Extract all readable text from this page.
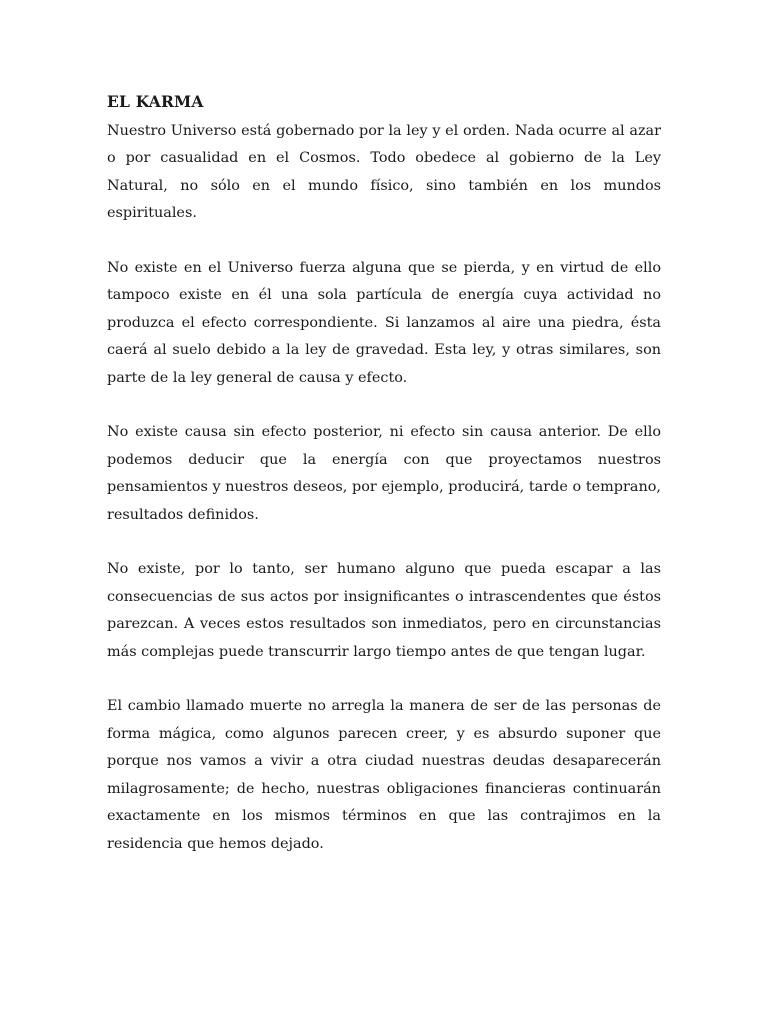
EL KARMA

Nuestro Universo está gobernado por la ley y el orden. Nada ocurre al azar o por casualidad en el Cosmos. Todo obedece al gobierno de la Ley Natural, no sólo en el mundo físico, sino también en los mundos espirituales.

No existe en el Universo fuerza alguna que se pierda, y en virtud de ello tampoco existe en él una sola partícula de energía cuya actividad no produzca el efecto correspondiente. Si lanzamos al aire una piedra, ésta caerá al suelo debido a la ley de gravedad. Esta ley, y otras similares, son parte de la ley general de causa y efecto.

No existe causa sin efecto posterior, ni efecto sin causa anterior. De ello podemos deducir que la energía con que proyectamos nuestros pensamientos y nuestros deseos, por ejemplo, producirá, tarde o temprano, resultados definidos.

No existe, por lo tanto, ser humano alguno que pueda escapar a las consecuencias de sus actos por insignificantes o intrascendentes que éstos parezcan. A veces estos resultados son inmediatos, pero en circunstancias más complejas puede transcurrir largo tiempo antes de que tengan lugar.

El cambio llamado muerte no arregla la manera de ser de las personas de forma mágica, como algunos parecen creer, y es absurdo suponer que porque nos vamos a vivir a otra ciudad nuestras deudas desaparecerán milagrosamente; de hecho, nuestras obligaciones financieras continuarán exactamente en los mismos términos en que las contrajimos en la residencia que hemos dejado.
